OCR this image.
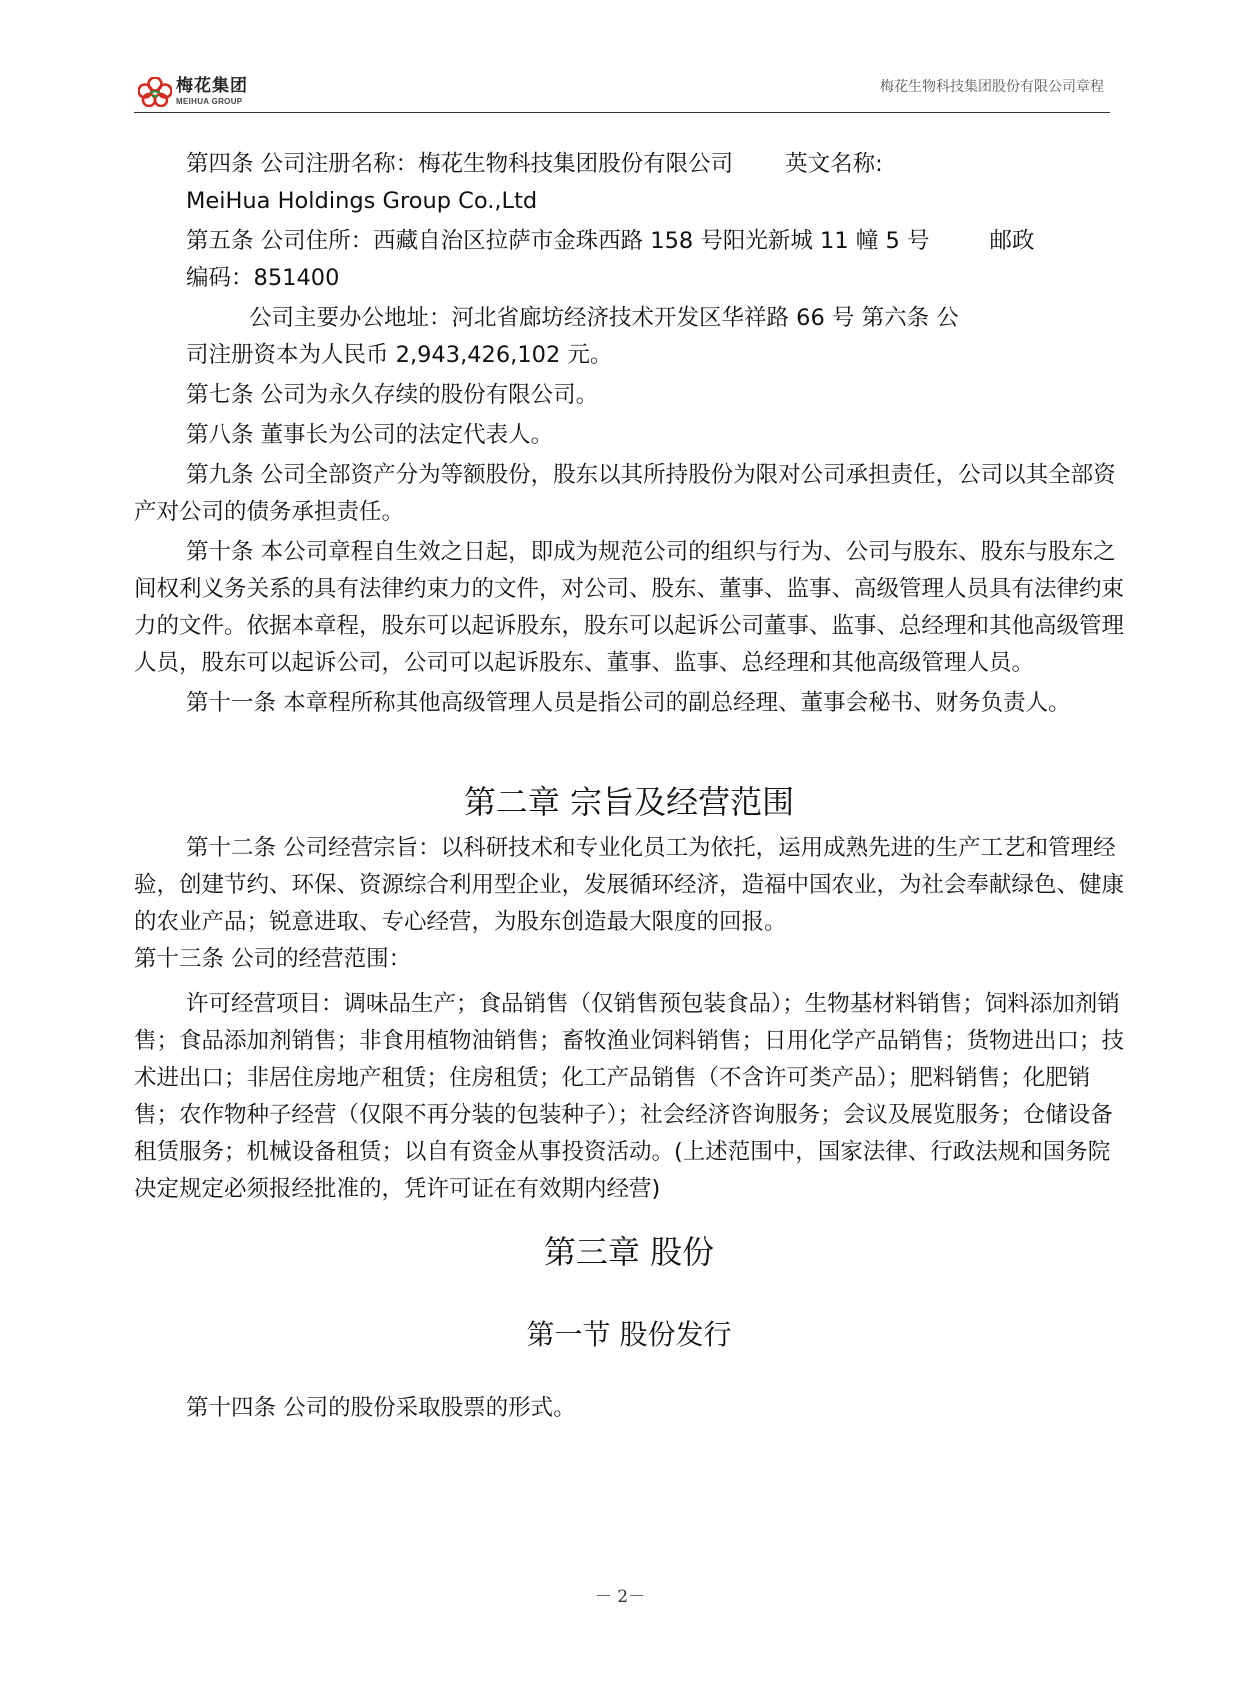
梅花集团
MEIHUA GROUP
梅花生物科技集团股份有限公司章程

第四条 公司注册名称：梅花生物科技集团股份有限公司 英文名称:

MeiHua Holdings Group Co.,Ltd

第五条 公司住所：西藏自治区拉萨市金珠西路 158 号阳光新城 11 幢 5 号	邮政

编码：851400

公司主要办公地址：河北省廊坊经济技术开发区华祥路 66 号 第六条 公

司注册资本为人民币 2,943,426,102 元。

第七条 公司为永久存续的股份有限公司。

第八条 董事长为公司的法定代表人。

第九条 公司全部资产分为等额股份，股东以其所持股份为限对公司承担责任，公司以其全部资产对公司的债务承担责任。

第十条 本公司章程自生效之日起，即成为规范公司的组织与行为、公司与股东、股东与股东之间权利义务关系的具有法律约束力的文件，对公司、股东、董事、监事、高级管理人员具有法律约束力的文件。依据本章程，股东可以起诉股东，股东可以起诉公司董事、监事、总经理和其他高级管理人员，股东可以起诉公司，公司可以起诉股东、董事、监事、总经理和其他高级管理人员。

第十一条 本章程所称其他高级管理人员是指公司的副总经理、董事会秘书、财务负责人。

第二章 宗旨及经营范围

第十二条 公司经营宗旨：以科研技术和专业化员工为依托，运用成熟先进的生产工艺和管理经验，创建节约、环保、资源综合利用型企业，发展循环经济，造福中国农业，为社会奉献绿色、健康的农业产品；锐意进取、专心经营，为股东创造最大限度的回报。

第十三条 公司的经营范围：

许可经营项目：调味品生产；食品销售（仅销售预包装食品）；生物基材料销售；饲料添加剂销售；食品添加剂销售；非食用植物油销售；畜牧渔业饲料销售；日用化学产品销售；货物进出口；技术进出口；非居住房地产租赁；住房租赁；化工产品销售（不含许可类产品）；肥料销售；化肥销售；农作物种子经营（仅限不再分装的包装种子）；社会经济咨询服务；会议及展览服务；仓储设备租赁服务；机械设备租赁；以自有资金从事投资活动。(上述范围中，国家法律、行政法规和国务院决定规定必须报经批准的，凭许可证在有效期内经营)

第三章 股份
第一节 股份发行

第十四条 公司的股份采取股票的形式。

－ 2－
